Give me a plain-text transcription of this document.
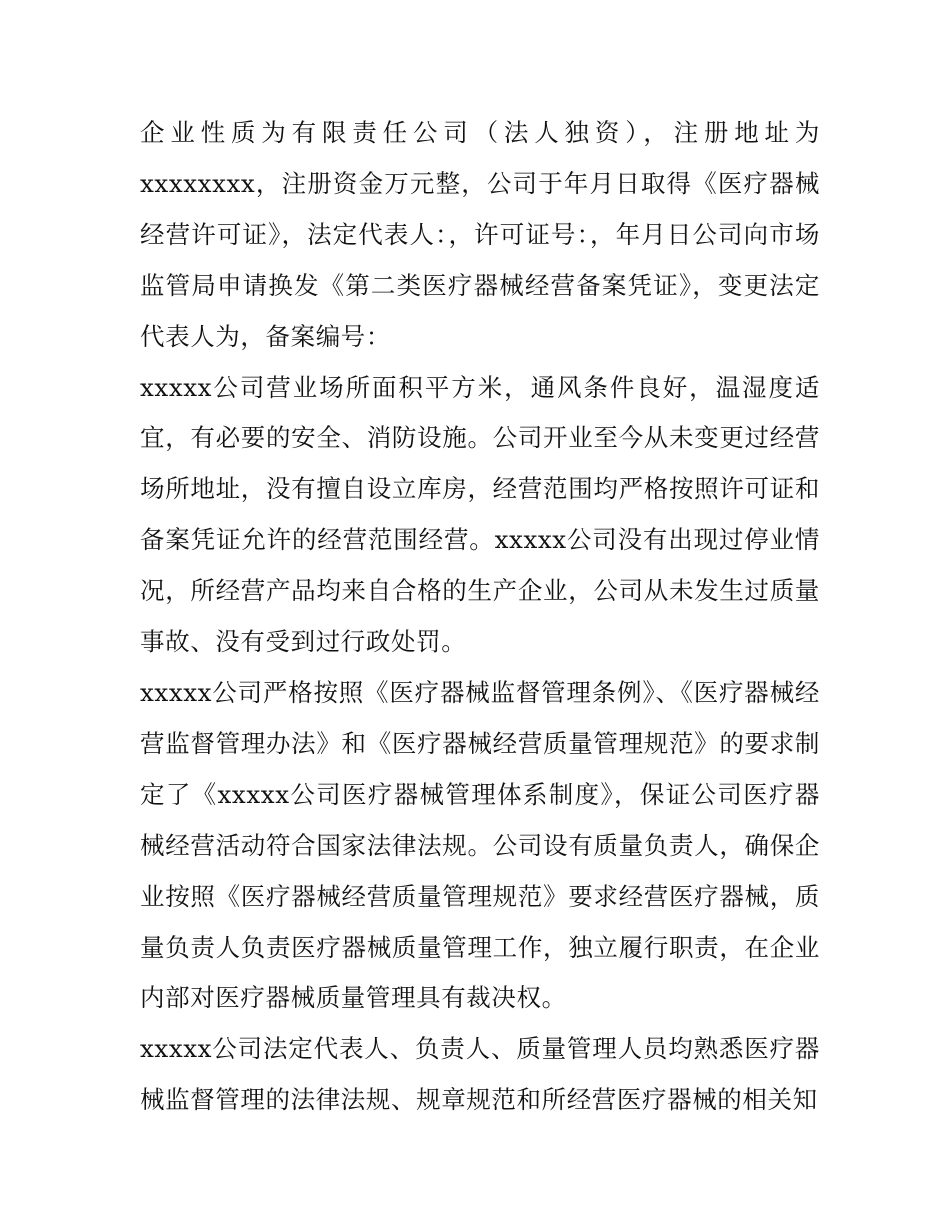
企业性质为有限责任公司（法人独资），注册地址为xxxxxxxx，注册资金万元整，公司于年月日取得《医疗器械经营许可证》，法定代表人：，许可证号：，年月日公司向市场监管局申请换发《第二类医疗器械经营备案凭证》，变更法定代表人为，备案编号：

xxxxx公司营业场所面积平方米，通风条件良好，温湿度适宜，有必要的安全、消防设施。公司开业至今从未变更过经营场所地址，没有擅自设立库房，经营范围均严格按照许可证和备案凭证允许的经营范围经营。xxxxx公司没有出现过停业情况，所经营产品均来自合格的生产企业，公司从未发生过质量事故、没有受到过行政处罚。

xxxxx公司严格按照《医疗器械监督管理条例》、《医疗器械经营监督管理办法》和《医疗器械经营质量管理规范》的要求制定了《xxxxx公司医疗器械管理体系制度》，保证公司医疗器械经营活动符合国家法律法规。公司设有质量负责人，确保企业按照《医疗器械经营质量管理规范》要求经营医疗器械，质量负责人负责医疗器械质量管理工作，独立履行职责，在企业内部对医疗器械质量管理具有裁决权。

xxxxx公司法定代表人、负责人、质量管理人员均熟悉医疗器械监督管理的法律法规、规章规范和所经营医疗器械的相关知
